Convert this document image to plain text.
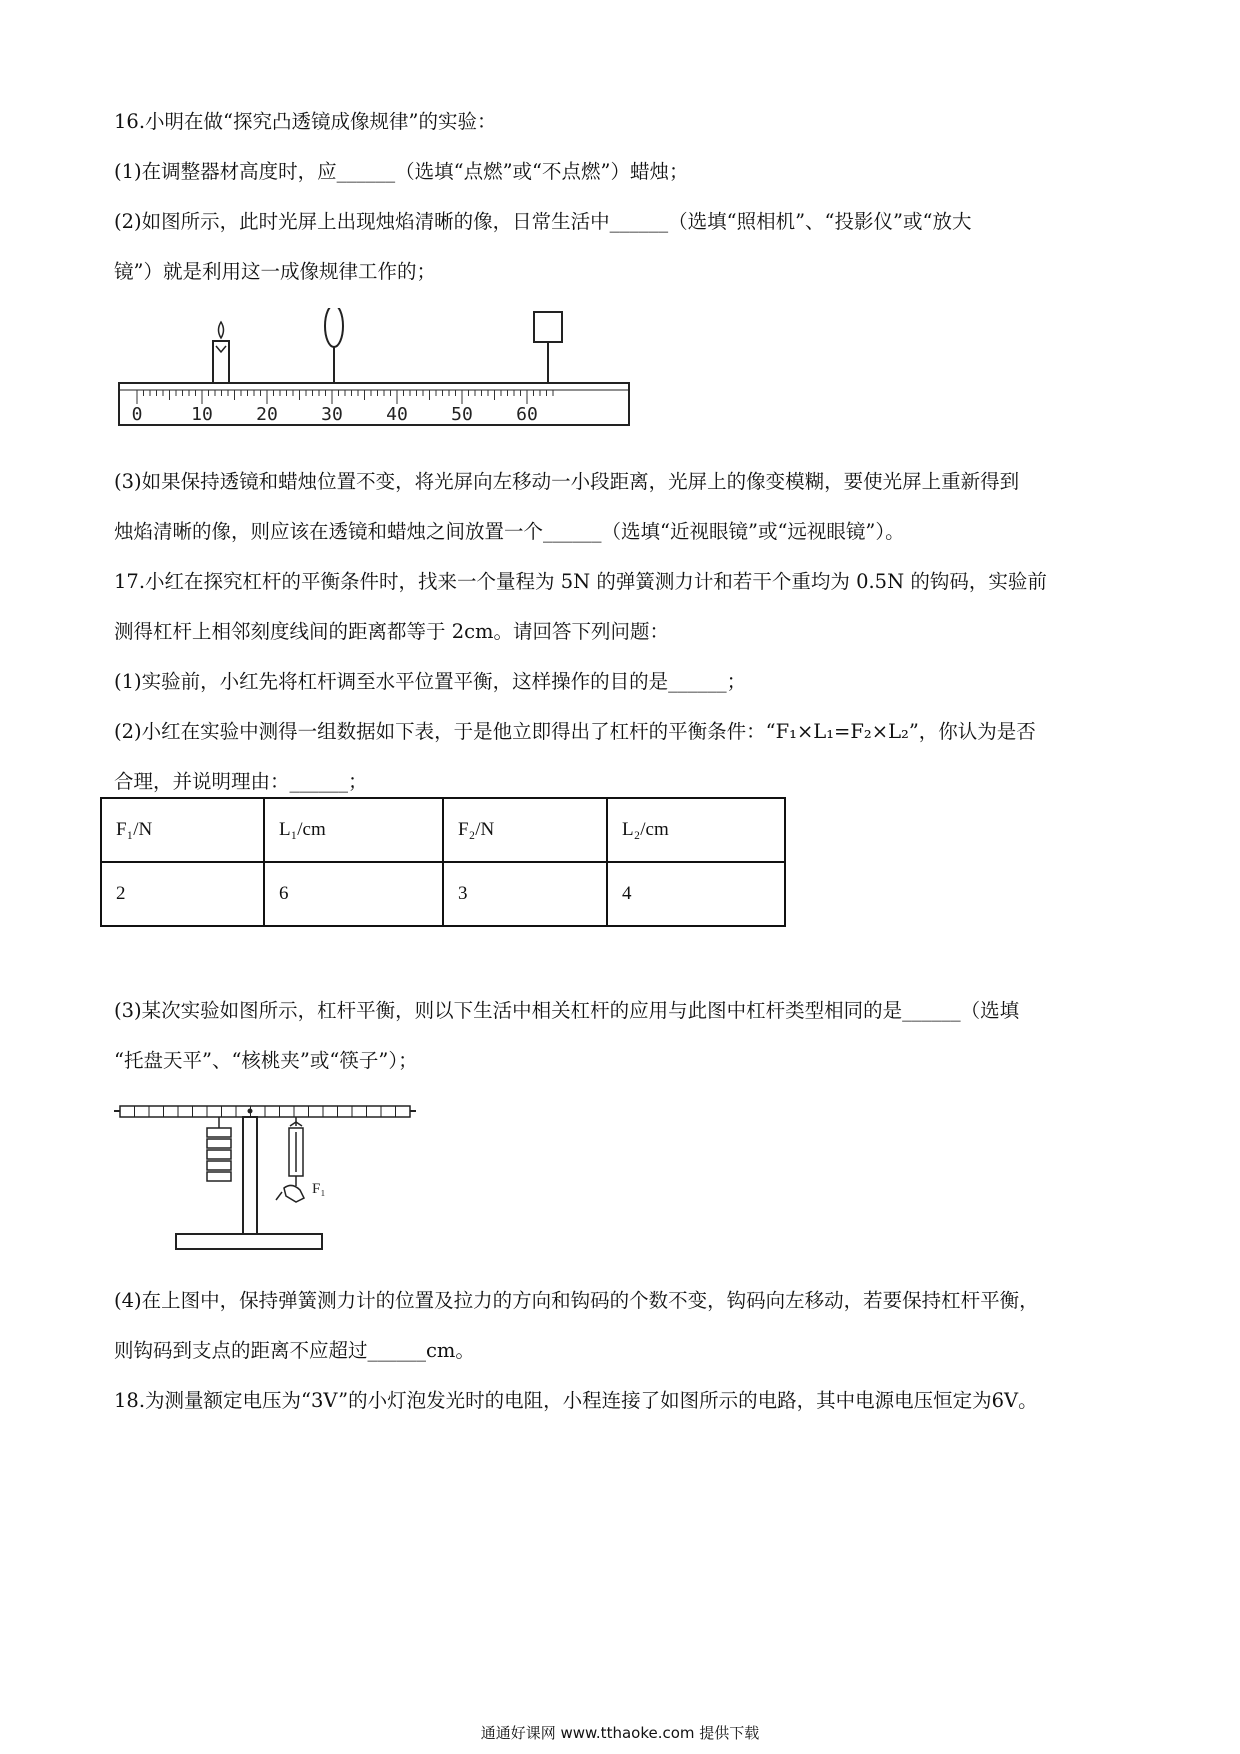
16.小明在做“探究凸透镜成像规律”的实验：
(1)在调整器材高度时，应______（选填“点燃”或“不点燃”）蜡烛；
(2)如图所示，此时光屏上出现烛焰清晰的像，日常生活中______（选填“照相机”、“投影仪”或“放大
镜”）就是利用这一成像规律工作的；
0	10 20 30 40 50 60
(3)如果保持透镜和蜡烛位置不变，将光屏向左移动一小段距离，光屏上的像变模糊，要使光屏上重新得到
烛焰清晰的像，则应该在透镜和蜡烛之间放置一个______（选填“近视眼镜”或“远视眼镜”）。
17.小红在探究杠杆的平衡条件时，找来一个量程为 5N 的弹簧测力计和若干个重均为 0.5N 的钩码，实验前
测得杠杆上相邻刻度线间的距离都等于 2cm。请回答下列问题：
(1)实验前，小红先将杠杆调至水平位置平衡，这样操作的目的是______；
(2)小红在实验中测得一组数据如下表，于是他立即得出了杠杆的平衡条件：“F₁×L₁=F₂×L₂”，你认为是否
合理，并说明理由：______；
F₁/N	L₁/cm	F₂/N	L₂/cm
2	6	3	4
(3)某次实验如图所示，杠杆平衡，则以下生活中相关杠杆的应用与此图中杠杆类型相同的是______（选填
“托盘天平”、“核桃夹”或“筷子”）；
F₁
(4)在上图中，保持弹簧测力计的位置及拉力的方向和钩码的个数不变，钩码向左移动，若要保持杠杆平衡，
则钩码到支点的距离不应超过______cm。
18.为测量额定电压为“3V”的小灯泡发光时的电阻，小程连接了如图所示的电路，其中电源电压恒定为6V。
通通好课网 www.tthaoke.com 提供下载
